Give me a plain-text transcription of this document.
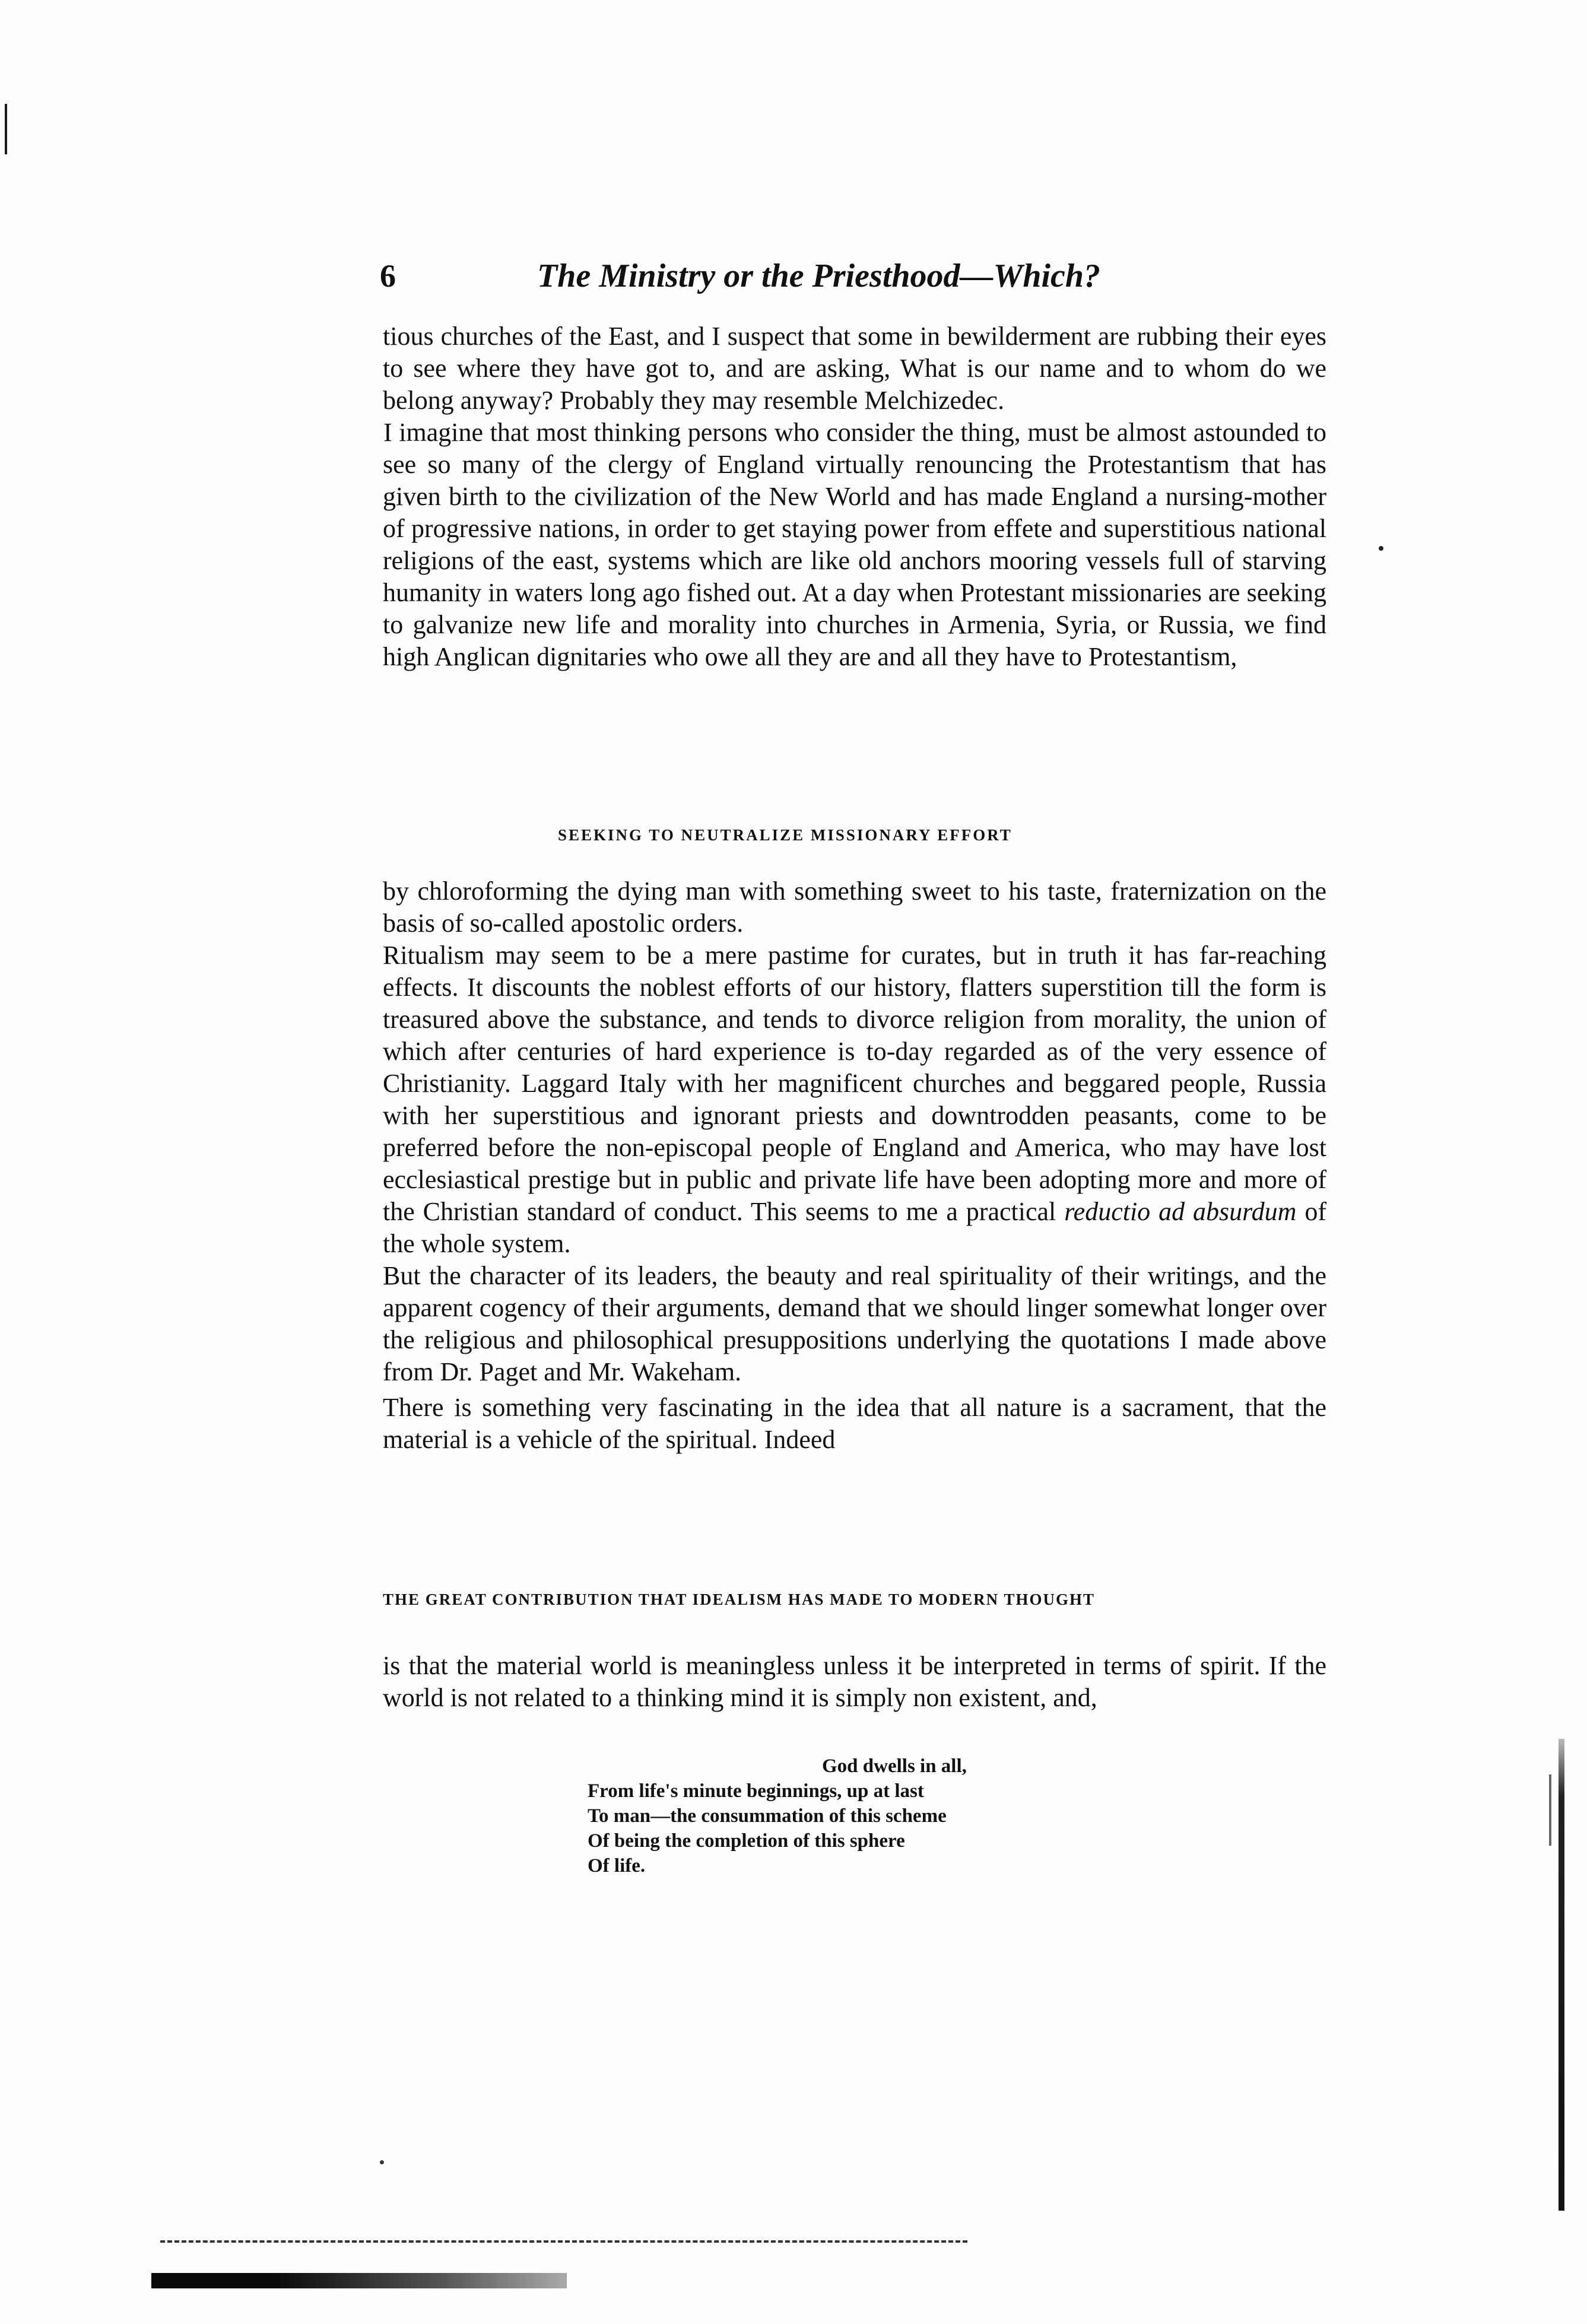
6	The Ministry or the Priesthood—Which?

tious churches of the East, and I suspect that some in bewilderment are rubbing their eyes to see where they have got to, and are asking, What is our name and to whom do we belong anyway? Probably they may resemble Melchizedec.

I imagine that most thinking persons who consider the thing, must be almost astounded to see so many of the clergy of England virtually renouncing the Protestantism that has given birth to the civilization of the New World and has made England a nursing-mother of progressive nations, in order to get staying power from effete and superstitious national religions of the east, systems which are like old anchors mooring vessels full of starving humanity in waters long ago fished out. At a day when Protestant missionaries are seeking to galvanize new life and morality into churches in Armenia, Syria, or Russia, we find high Anglican dignitaries who owe all they are and all they have to Protestantism,

SEEKING TO NEUTRALIZE MISSIONARY EFFORT

by chloroforming the dying man with something sweet to his taste, fraternization on the basis of so-called apostolic orders.

Ritualism may seem to be a mere pastime for curates, but in truth it has far-reaching effects. It discounts the noblest efforts of our history, flatters superstition till the form is treasured above the substance, and tends to divorce religion from morality, the union of which after centuries of hard experience is to-day regarded as of the very essence of Christianity. Laggard Italy with her magnificent churches and beggared people, Russia with her superstitious and ignorant priests and downtrodden peasants, come to be preferred before the non-episcopal people of England and America, who may have lost ecclesiastical prestige but in public and private life have been adopting more and more of the Christian standard of conduct. This seems to me a practical reductio ad absurdum of the whole system.

But the character of its leaders, the beauty and real spirituality of their writings, and the apparent cogency of their arguments, demand that we should linger somewhat longer over the religious and philosophical presuppositions underlying the quotations I made above from Dr. Paget and Mr. Wakeham.

There is something very fascinating in the idea that all nature is a sacrament, that the material is a vehicle of the spiritual. Indeed

THE GREAT CONTRIBUTION THAT IDEALISM HAS MADE TO MODERN THOUGHT

is that the material world is meaningless unless it be interpreted in terms of spirit. If the world is not related to a thinking mind it is simply non existent, and,

God dwells in all,
From life's minute beginnings, up at last
To man—the consummation of this scheme
Of being the completion of this sphere
Of life.
